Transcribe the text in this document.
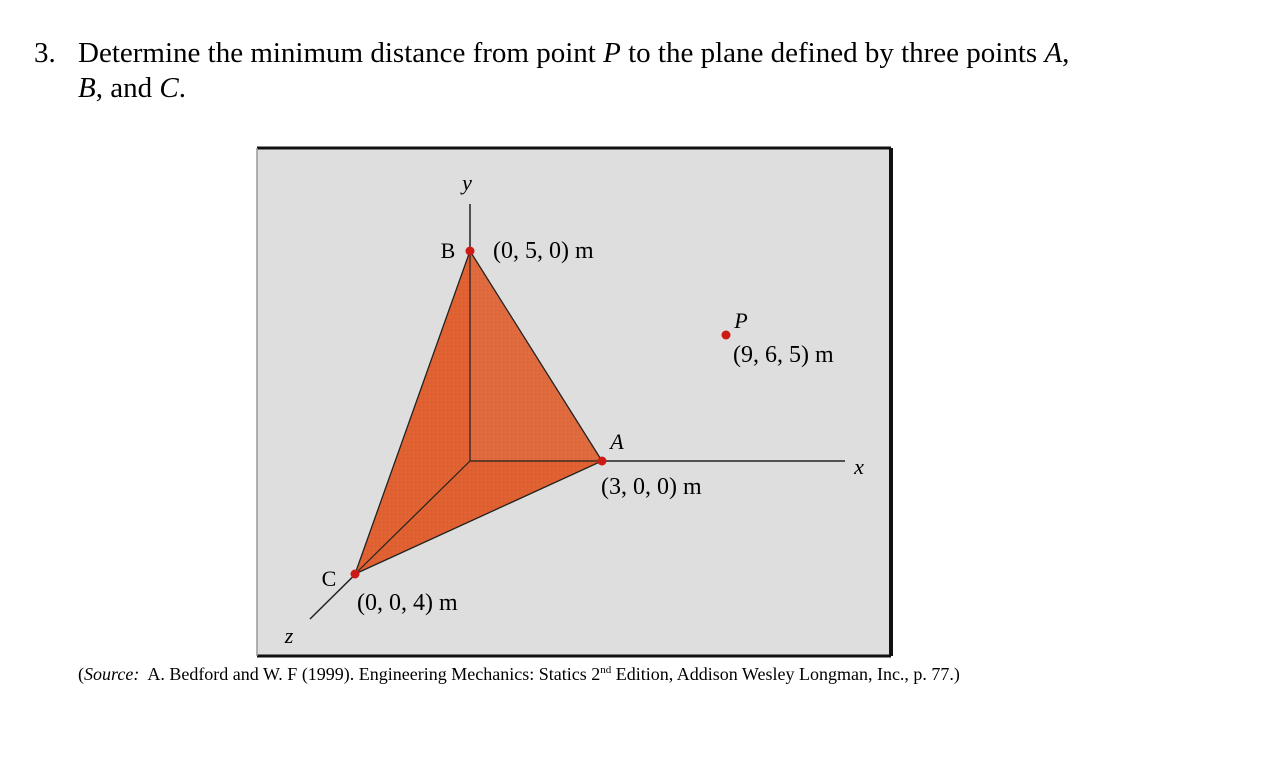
3. Determine the minimum distance from point P to the plane defined by three points A,
B, and C.
y
x
z
B (0, 5, 0) m
P
(9, 6, 5) m
A
(3, 0, 0) m
C
(0, 0, 4) m
(Source:  A. Bedford and W. F (1999). Engineering Mechanics: Statics 2nd Edition, Addison Wesley Longman, Inc., p. 77.)
